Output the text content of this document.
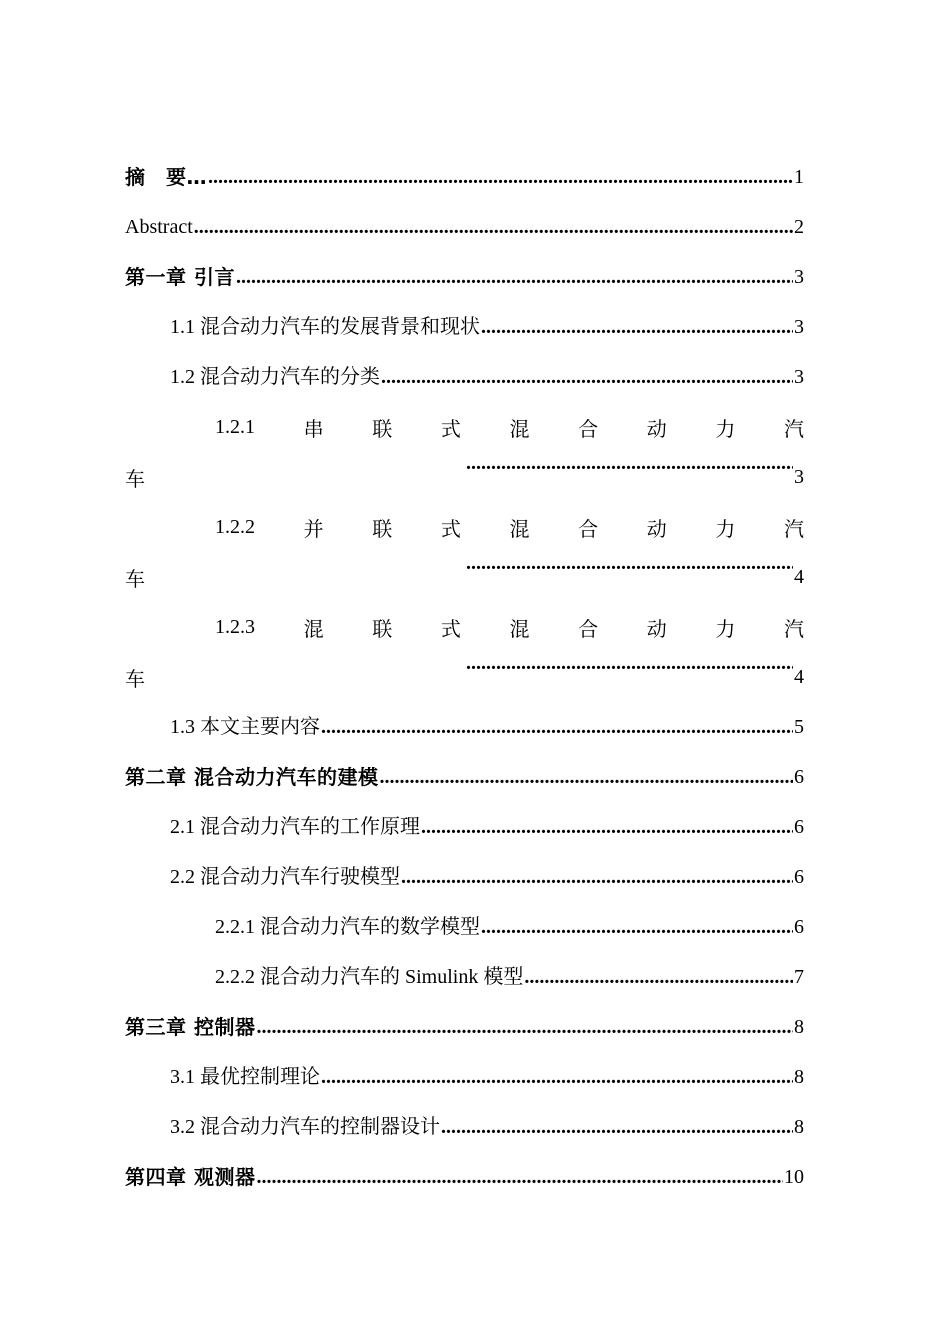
摘　要… .....	1
Abstract .....	2
第一章 引言 .....	3
1.1 混合动力汽车的发展背景和现状 .....	3
1.2 混合动力汽车的分类 .....	3
1.2.1 串 联 式 混 合 动 力 汽
车 .....	3
1.2.2 并 联 式 混 合 动 力 汽
车 .....	4
1.2.3 混 联 式 混 合 动 力 汽
车 .....	4
1.3 本文主要内容 .....	5
第二章 混合动力汽车的建模 .....	6
2.1 混合动力汽车的工作原理 .....	6
2.2 混合动力汽车行驶模型 .....	6
2.2.1 混合动力汽车的数学模型 .....	6
2.2.2 混合动力汽车的 Simulink 模型 .....	7
第三章 控制器 .....	8
3.1 最优控制理论 .....	8
3.2 混合动力汽车的控制器设计 .....	8
第四章 观测器 .....	10
